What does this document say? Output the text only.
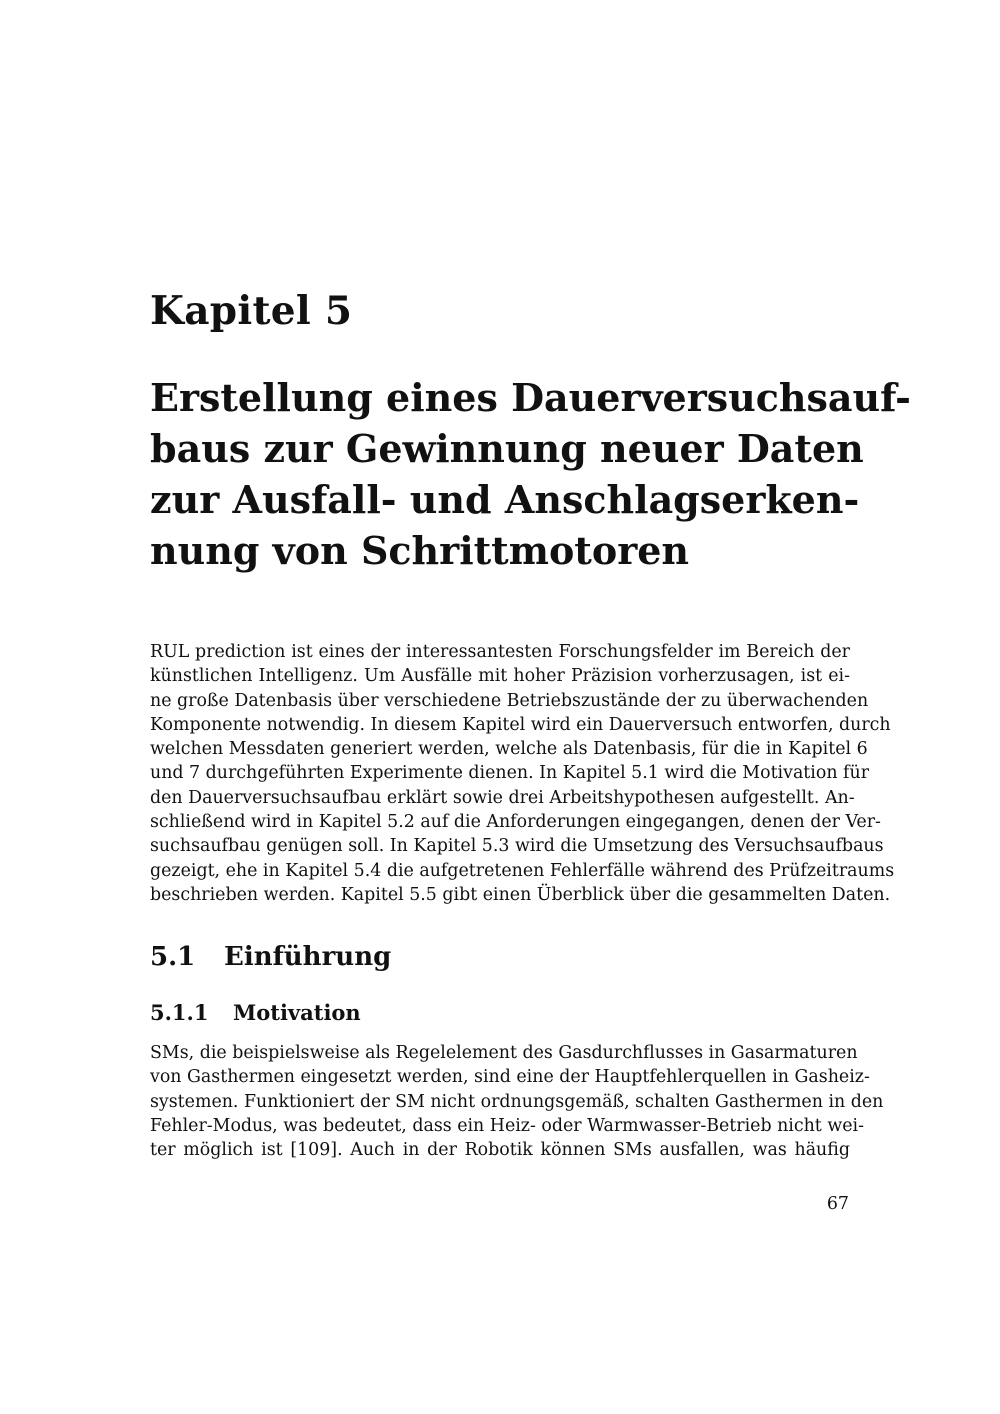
Kapitel 5
Erstellung eines Dauerversuchsauf-
baus zur Gewinnung neuer Daten
zur Ausfall- und Anschlagserken-
nung von Schrittmotoren

RUL prediction ist eines der interessantesten Forschungsfelder im Bereich der
künstlichen Intelligenz. Um Ausfälle mit hoher Präzision vorherzusagen, ist ei-
ne große Datenbasis über verschiedene Betriebszustände der zu überwachenden
Komponente notwendig. In diesem Kapitel wird ein Dauerversuch entworfen, durch
welchen Messdaten generiert werden, welche als Datenbasis, für die in Kapitel 6
und 7 durchgeführten Experimente dienen. In Kapitel 5.1 wird die Motivation für
den Dauerversuchsaufbau erklärt sowie drei Arbeitshypothesen aufgestellt. An-
schließend wird in Kapitel 5.2 auf die Anforderungen eingegangen, denen der Ver-
suchsaufbau genügen soll. In Kapitel 5.3 wird die Umsetzung des Versuchsaufbaus
gezeigt, ehe in Kapitel 5.4 die aufgetretenen Fehlerfälle während des Prüfzeitraums
beschrieben werden. Kapitel 5.5 gibt einen Überblick über die gesammelten Daten.

5.1 Einführung
5.1.1 Motivation

SMs, die beispielsweise als Regelelement des Gasdurchflusses in Gasarmaturen
von Gasthermen eingesetzt werden, sind eine der Hauptfehlerquellen in Gasheiz-
systemen. Funktioniert der SM nicht ordnungsgemäß, schalten Gasthermen in den
Fehler-Modus, was bedeutet, dass ein Heiz- oder Warmwasser-Betrieb nicht wei-
ter möglich ist [109]. Auch in der Robotik können SMs ausfallen, was häufig

67
